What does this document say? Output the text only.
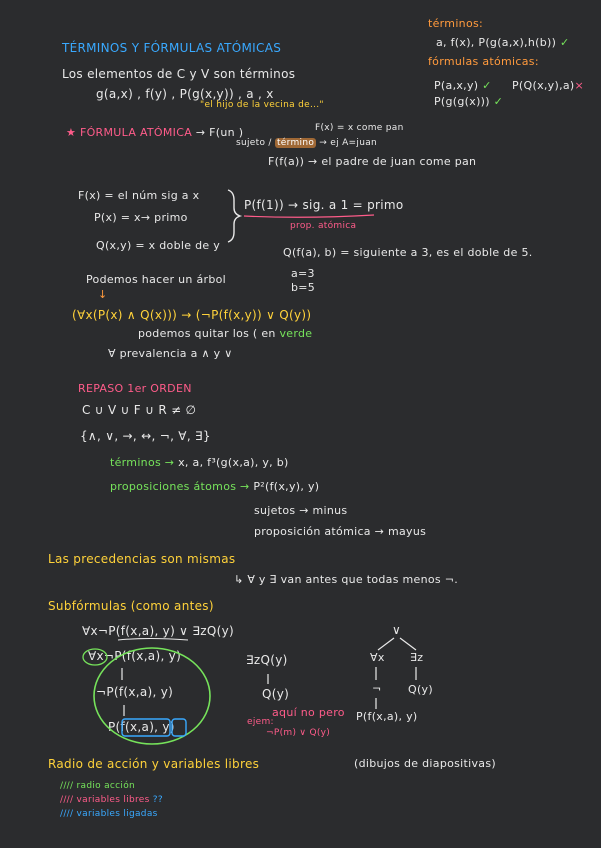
TÉRMINOS Y FÓRMULAS ATÓMICAS
Los elementos de C y V son términos
g(a,x) , f(y) , P(g(x,y)) , a , x
"el hijo de la vecina de..."
términos:
a, f(x), P(g(a,x),h(b)) ✓
fórmulas atómicas:
P(a,x,y) ✓ P(Q(x,y),a)×
P(g(g(x))) ✓
★ FÓRMULA ATÓMICA → F(un )	F(x) = x come pan
sujeto / término → ej A=juan
F(f(a)) → el padre de juan come pan
F(x) = el núm sig a x
P(x) = x→ primo
Q(x,y) = x doble de y
P(f(1)) → sig. a 1 = primo
prop. atómica
Q(f(a), b) = siguiente a 3, es el doble de 5.
a=3
b=5
Podemos hacer un árbol
↓
(∀x(P(x) ∧ Q(x))) → (¬P(f(x,y)) ∨ Q(y))
podemos quitar los ( en verde
∀ prevalencia a ∧ y ∨
REPASO 1er ORDEN
C ∪ V ∪ F ∪ R ≠ ∅
{∧, ∨, →, ↔, ¬, ∀, ∃}
términos → x, a, f³(g(x,a), y, b)
proposiciones átomos → P²(f(x,y), y)
sujetos → minus
proposición atómica → mayus
Las precedencias son mismas
↳ ∀ y ∃ van antes que todas menos ¬.
Subfórmulas (como antes)
∀x¬P(f(x,a), y) ∨ ∃zQ(y)
∀x¬P(f(x,a), y)
¬P(f(x,a), y)
P(f(x,a), y)
∃zQ(y)
Q(y)
aquí no pero
ejem:
¬P(m) ∨ Q(y)
∨
∀x ∃z
¬ Q(y)
P(f(x,a), y)
Radio de acción y variables libres	(dibujos de diapositivas)
//// radio acción
//// variables libres ??
//// variables ligadas
